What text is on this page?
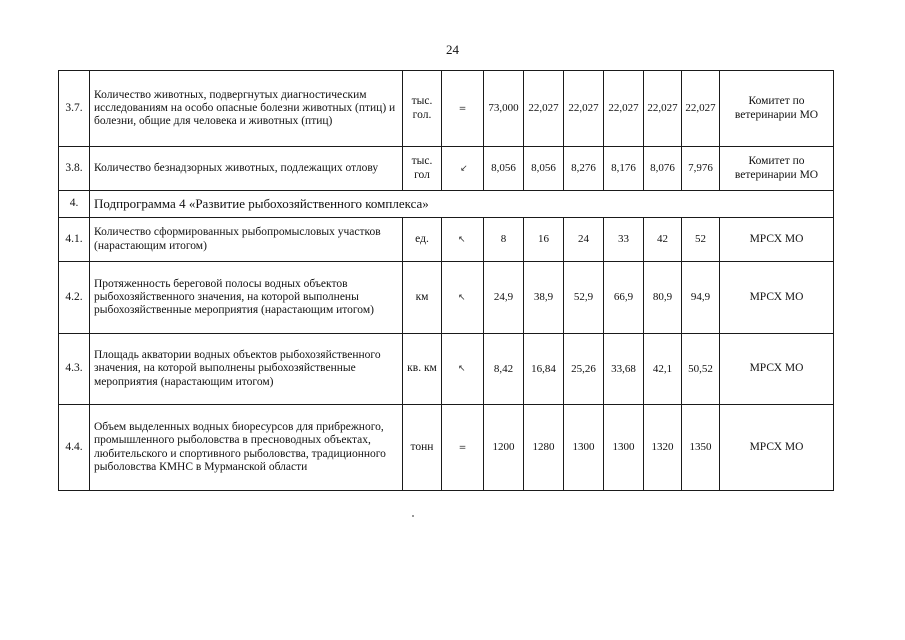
24
3.7.	Количество животных, подвергнутых диагностическим исследованиям на особо опасные болезни животных (птиц) и болезни, общие для человека и животных (птиц)	тыс. гол.	=	73,000	22,027	22,027	22,027	22,027	22,027	Комитет по ветеринарии МО
3.8.	Количество безнадзорных животных, подлежащих отлову	тыс. гол	↓	8,056	8,056	8,276	8,176	8,076	7,976	Комитет по ветеринарии МО
4.	Подпрограмма 4 «Развитие рыбохозяйственного комплекса»									
4.1.	Количество сформированных рыбопромысловых участков (нарастающим итогом)	ед.	↑	8	16	24	33	42	52	МРСХ МО
4.2.	Протяженность береговой полосы водных объектов рыбохозяйственного значения, на которой выполнены рыбохозяйственные мероприятия (нарастающим итогом)	км	↑	24,9	38,9	52,9	66,9	80,9	94,9	МРСХ МО
4.3.	Площадь акватории водных объектов рыбохозяйственного значения, на которой выполнены рыбохозяйственные мероприятия (нарастающим итогом)	кв. км	↑	8,42	16,84	25,26	33,68	42,1	50,52	МРСХ МО
4.4.	Объем выделенных водных биоресурсов для прибрежного, промышленного рыболовства в пресноводных объектах, любительского и спортивного рыболовства, традиционного рыболовства КМНС в Мурманской области	тонн	=	1200	1280	1300	1300	1320	1350	МРСХ МО
